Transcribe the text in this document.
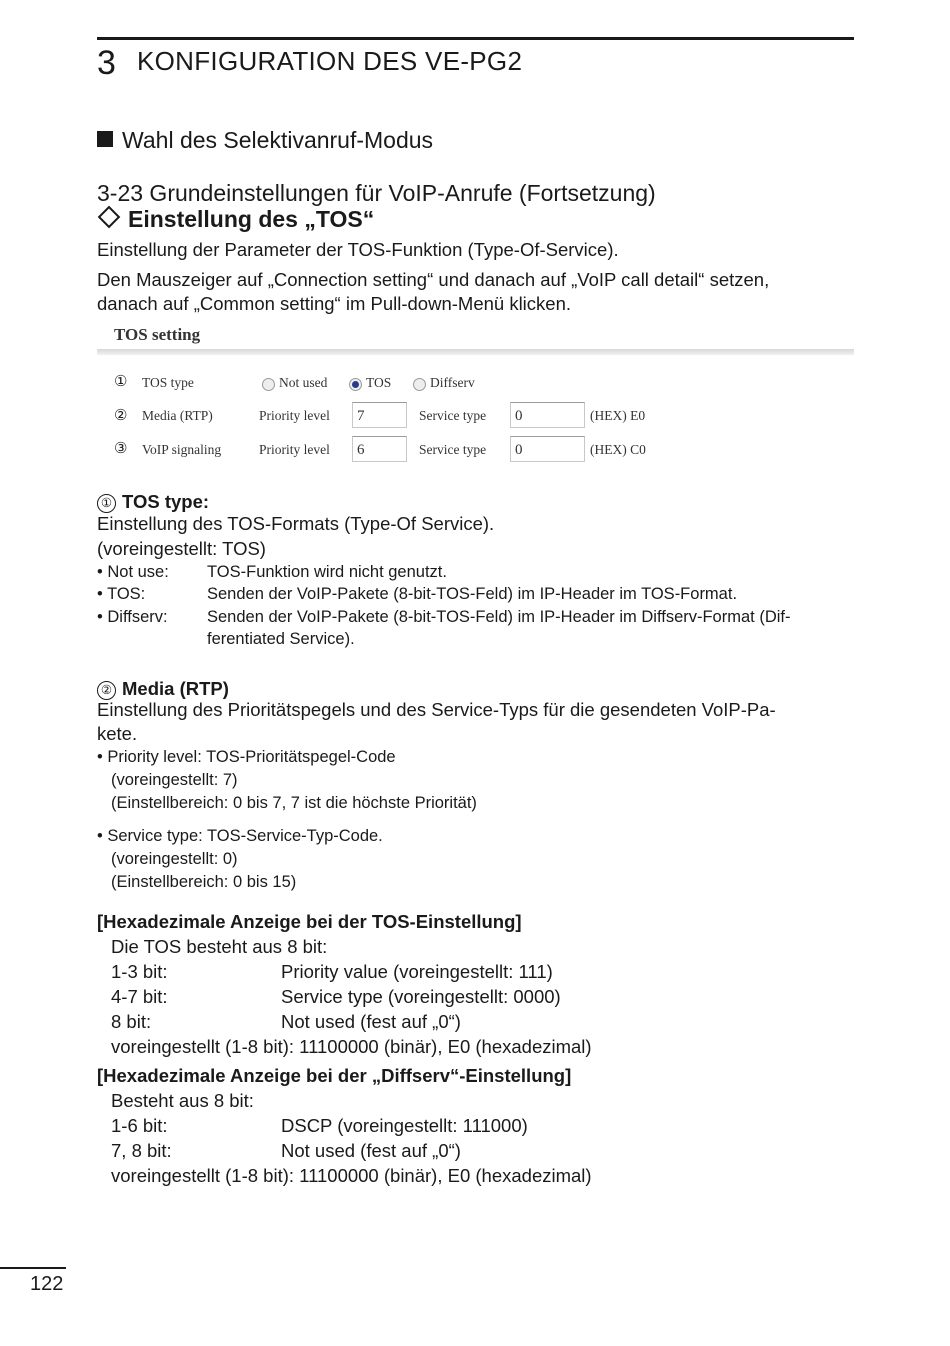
3 KONFIGURATION DES VE-PG2
Wahl des Selektivanruf-Modus
3-23 Grundeinstellungen für VoIP-Anrufe (Fortsetzung)
Einstellung des „TOS“
Einstellung der Parameter der TOS-Funktion (Type-Of-Service).
Den Mauszeiger auf „Connection setting“ und danach auf „VoIP call detail“ setzen,
danach auf „Common setting“ im Pull-down-Menü klicken.
TOS setting
① TOS type	Not used	TOS	Diffserv
② Media (RTP)	Priority level	7	Service type	0	(HEX) E0
③ VoIP signaling	Priority level	6	Service type	0	(HEX) C0
① TOS type:
Einstellung des TOS-Formats (Type-Of Service).
(voreingestellt: TOS)
• Not use: TOS-Funktion wird nicht genutzt.
• TOS:	Senden der VoIP-Pakete (8-bit-TOS-Feld) im IP-Header im TOS-Format.
• Diffserv: Senden der VoIP-Pakete (8-bit-TOS-Feld) im IP-Header im Diffserv-Format (Dif-
ferentiated Service).
② Media (RTP)
Einstellung des Prioritätspegels und des Service-Typs für die gesendeten VoIP-Pa-
kete.
• Priority level: TOS-Prioritätspegel-Code
(voreingestellt: 7)
(Einstellbereich: 0 bis 7, 7 ist die höchste Priorität)
• Service type: TOS-Service-Typ-Code.
(voreingestellt: 0)
(Einstellbereich: 0 bis 15)
[Hexadezimale Anzeige bei der TOS-Einstellung]
Die TOS besteht aus 8 bit:
1-3 bit:	Priority value (voreingestellt: 111)
4-7 bit:	Service type (voreingestellt: 0000)
8 bit:	Not used (fest auf „0“)
voreingestellt (1-8 bit): 11100000 (binär), E0 (hexadezimal)
[Hexadezimale Anzeige bei der „Diffserv“-Einstellung]
Besteht aus 8 bit:
1-6 bit:	DSCP (voreingestellt: 111000)
7, 8 bit:	Not used (fest auf „0“)
voreingestellt (1-8 bit): 11100000 (binär), E0 (hexadezimal)
122
